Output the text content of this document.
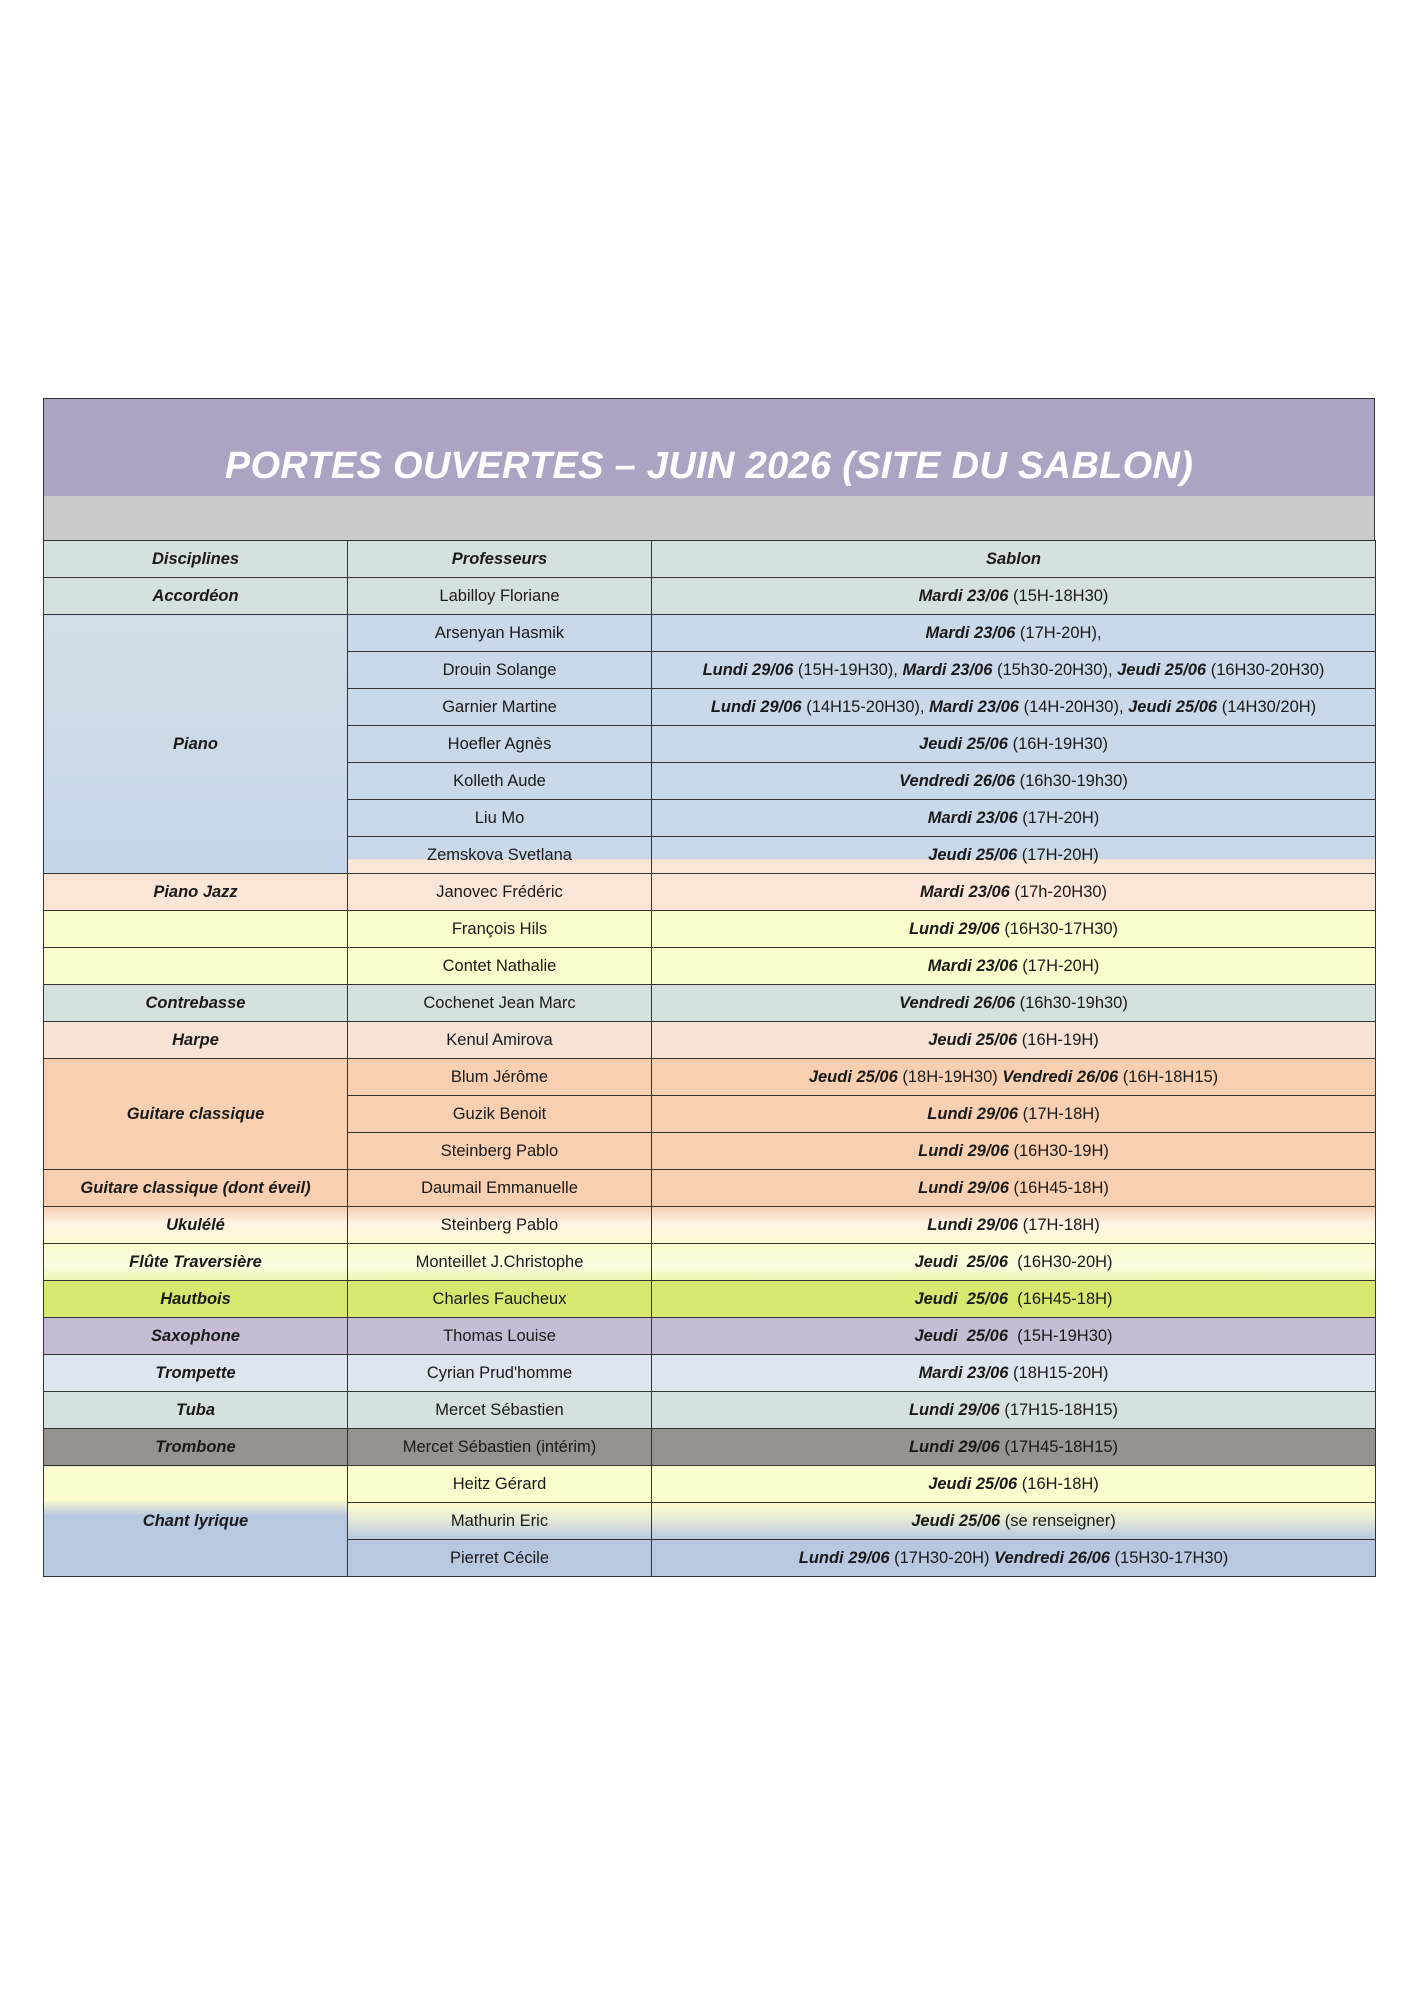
PORTES OUVERTES – JUIN 2026 (SITE DU SABLON)
Disciplines	Professeurs	Sablon
Accordéon	Labilloy Floriane	Mardi 23/06 (15H-18H30)
Piano	Arsenyan Hasmik	Mardi 23/06 (17H-20H),
	Drouin Solange	Lundi 29/06 (15H-19H30), Mardi 23/06 (15h30-20H30), Jeudi 25/06 (16H30-20H30)
	Garnier Martine	Lundi 29/06 (14H15-20H30), Mardi 23/06 (14H-20H30), Jeudi 25/06 (14H30/20H)
	Hoefler Agnès	Jeudi 25/06 (16H-19H30)
	Kolleth Aude	Vendredi 26/06 (16h30-19h30)
	Liu Mo	Mardi 23/06 (17H-20H)
	Zemskova Svetlana	Jeudi 25/06 (17H-20H)
Piano Jazz	Janovec Frédéric	Mardi 23/06 (17h-20H30)
	François Hils	Lundi 29/06 (16H30-17H30)
	Contet Nathalie	Mardi 23/06 (17H-20H)
Contrebasse	Cochenet Jean Marc	Vendredi 26/06 (16h30-19h30)
Harpe	Kenul Amirova	Jeudi 25/06 (16H-19H)
Guitare classique	Blum Jérôme	Jeudi 25/06 (18H-19H30) Vendredi 26/06 (16H-18H15)
	Guzik Benoit	Lundi 29/06 (17H-18H)
	Steinberg Pablo	Lundi 29/06 (16H30-19H)
Guitare classique (dont éveil)	Daumail Emmanuelle	Lundi 29/06 (16H45-18H)
Ukulélé	Steinberg Pablo	Lundi 29/06 (17H-18H)
Flûte Traversière	Monteillet J.Christophe	Jeudi  25/06  (16H30-20H)
Hautbois	Charles Faucheux	Jeudi  25/06  (16H45-18H)
Saxophone	Thomas Louise	Jeudi  25/06  (15H-19H30)
Trompette	Cyrian Prud'homme	Mardi 23/06 (18H15-20H)
Tuba	Mercet Sébastien	Lundi 29/06 (17H15-18H15)
Trombone	Mercet Sébastien (intérim)	Lundi 29/06 (17H45-18H15)
Chant lyrique	Heitz Gérard	Jeudi 25/06 (16H-18H)
	Mathurin Eric	Jeudi 25/06 (se renseigner)
	Pierret Cécile	Lundi 29/06 (17H30-20H) Vendredi 26/06 (15H30-17H30)
